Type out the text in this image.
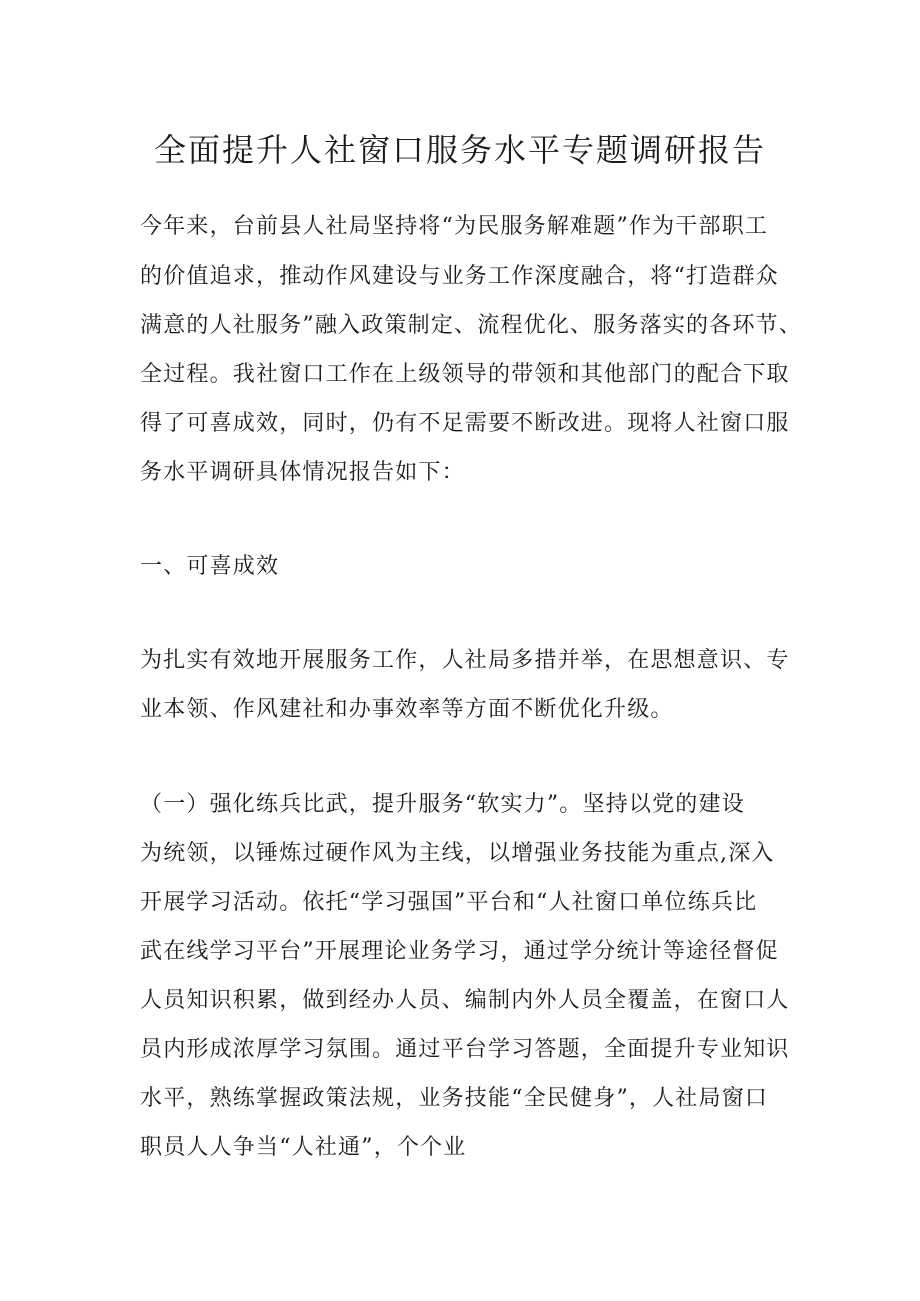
全面提升人社窗口服务水平专题调研报告
今年来，台前县人社局坚持将“为民服务解难题”作为干部职工
的价值追求，推动作风建设与业务工作深度融合，将“打造群众
满意的人社服务”融入政策制定、流程优化、服务落实的各环节、
全过程。我社窗口工作在上级领导的带领和其他部门的配合下取
得了可喜成效，同时，仍有不足需要不断改进。现将人社窗口服
务水平调研具体情况报告如下：
一、可喜成效
为扎实有效地开展服务工作，人社局多措并举，在思想意识、专
业本领、作风建社和办事效率等方面不断优化升级。
（一）强化练兵比武，提升服务“软实力”。坚持以党的建设
为统领，以锤炼过硬作风为主线，以增强业务技能为重点,深入
开展学习活动。依托“学习强国”平台和“人社窗口单位练兵比
武在线学习平台”开展理论业务学习，通过学分统计等途径督促
人员知识积累，做到经办人员、编制内外人员全覆盖，在窗口人
员内形成浓厚学习氛围。通过平台学习答题，全面提升专业知识
水平，熟练掌握政策法规，业务技能“全民健身”，人社局窗口
职员人人争当“人社通”，个个业
